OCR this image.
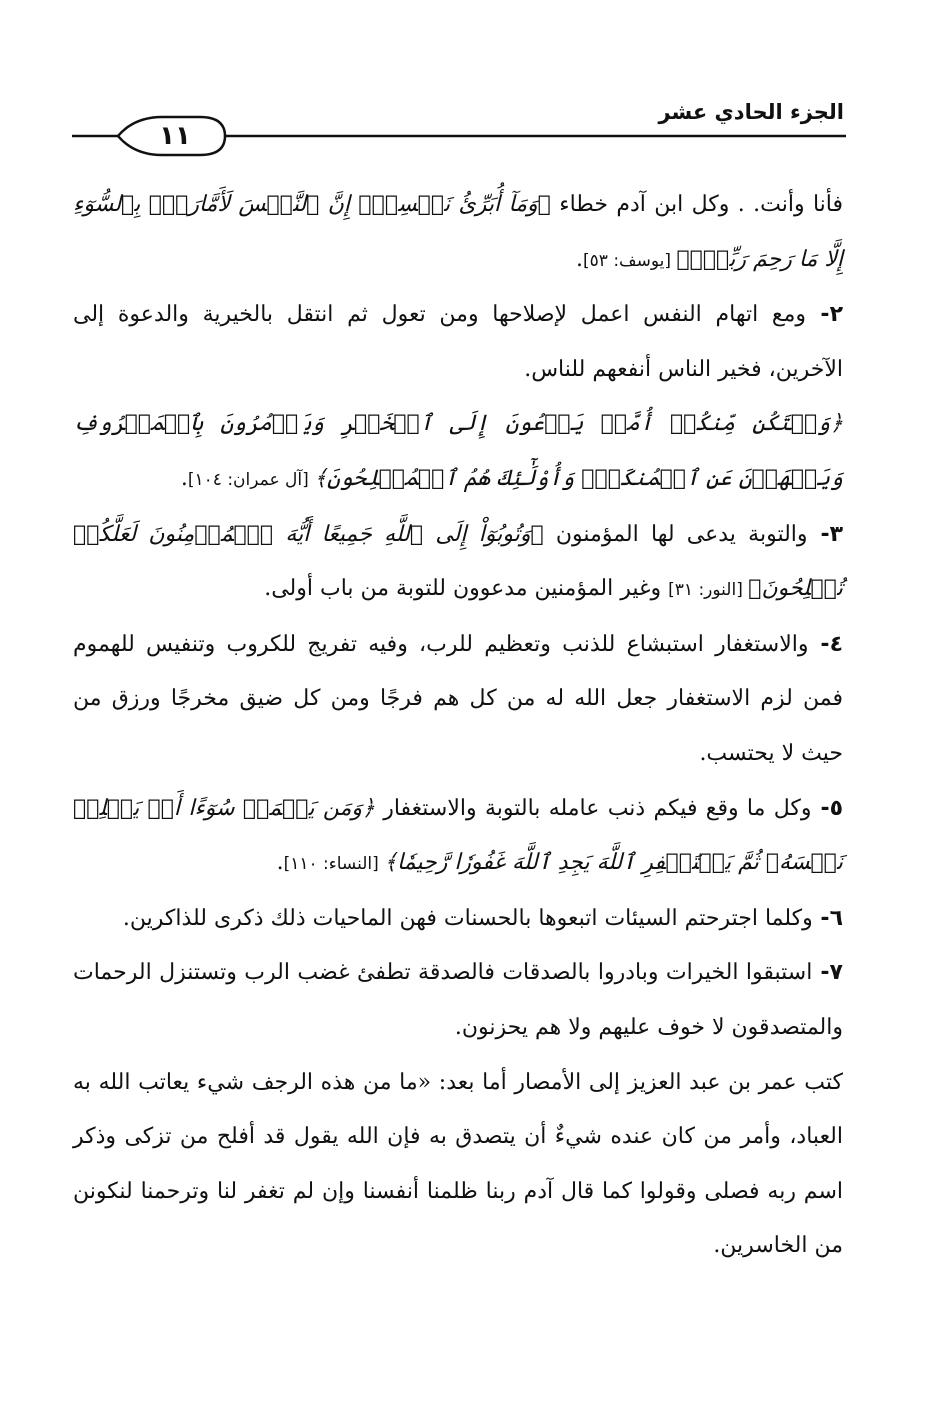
الجزء الحادي عشر
١١

فأنا وأنت. . وكل ابن آدم خطاء ﴿وَمَآ أُبَرِّئُ نَفۡسِيٓۚ إِنَّ ٱلنَّفۡسَ لَأَمَّارَةُۢ بِٱلسُّوٓءِ إِلَّا مَا رَحِمَ رَبِّيٓۚ﴾ [يوسف: ٥٣].

٢- ومع اتهام النفس اعمل لإصلاحها ومن تعول ثم انتقل بالخيرية والدعوة إلى الآخرين، فخير الناس أنفعهم للناس.

﴿وَلۡتَكُن مِّنكُمۡ أُمَّةٞ يَدۡعُونَ إِلَى ٱلۡخَيۡرِ وَيَأۡمُرُونَ بِٱلۡمَعۡرُوفِ وَيَنۡهَوۡنَ عَنِ ٱلۡمُنكَرِۚ وَأُوْلَٰٓئِكَ هُمُ ٱلۡمُفۡلِحُونَ﴾ [آل عمران: ١٠٤].

٣- والتوبة يدعى لها المؤمنون ﴿وَتُوبُوٓاْ إِلَى ٱللَّهِ جَمِيعًا أَيُّهَ ٱلۡمُؤۡمِنُونَ لَعَلَّكُمۡ تُفۡلِحُونَ﴾ [النور: ٣١] وغير المؤمنين مدعوون للتوبة من باب أولى.

٤- والاستغفار استبشاع للذنب وتعظيم للرب، وفيه تفريج للكروب وتنفيس للهموم فمن لزم الاستغفار جعل الله له من كل هم فرجًا ومن كل ضيق مخرجًا ورزق من حيث لا يحتسب.

٥- وكل ما وقع فيكم ذنب عامله بالتوبة والاستغفار ﴿وَمَن يَعۡمَلۡ سُوٓءًا أَوۡ يَظۡلِمۡ نَفۡسَهُۥ ثُمَّ يَسۡتَغۡفِرِ ٱللَّهَ يَجِدِ ٱللَّهَ غَفُورٗا رَّحِيمٗا﴾ [النساء: ١١٠].

٦- وكلما اجترحتم السيئات اتبعوها بالحسنات فهن الماحيات ذلك ذكرى للذاكرين.

٧- استبقوا الخيرات وبادروا بالصدقات فالصدقة تطفئ غضب الرب وتستنزل الرحمات والمتصدقون لا خوف عليهم ولا هم يحزنون.

كتب عمر بن عبد العزيز إلى الأمصار أما بعد: «ما من هذه الرجف شيء يعاتب الله به العباد، وأمر من كان عنده شيءٌ أن يتصدق به فإن الله يقول قد أفلح من تزكى وذكر اسم ربه فصلى وقولوا كما قال آدم ربنا ظلمنا أنفسنا وإن لم تغفر لنا وترحمنا لنكونن من الخاسرين.
